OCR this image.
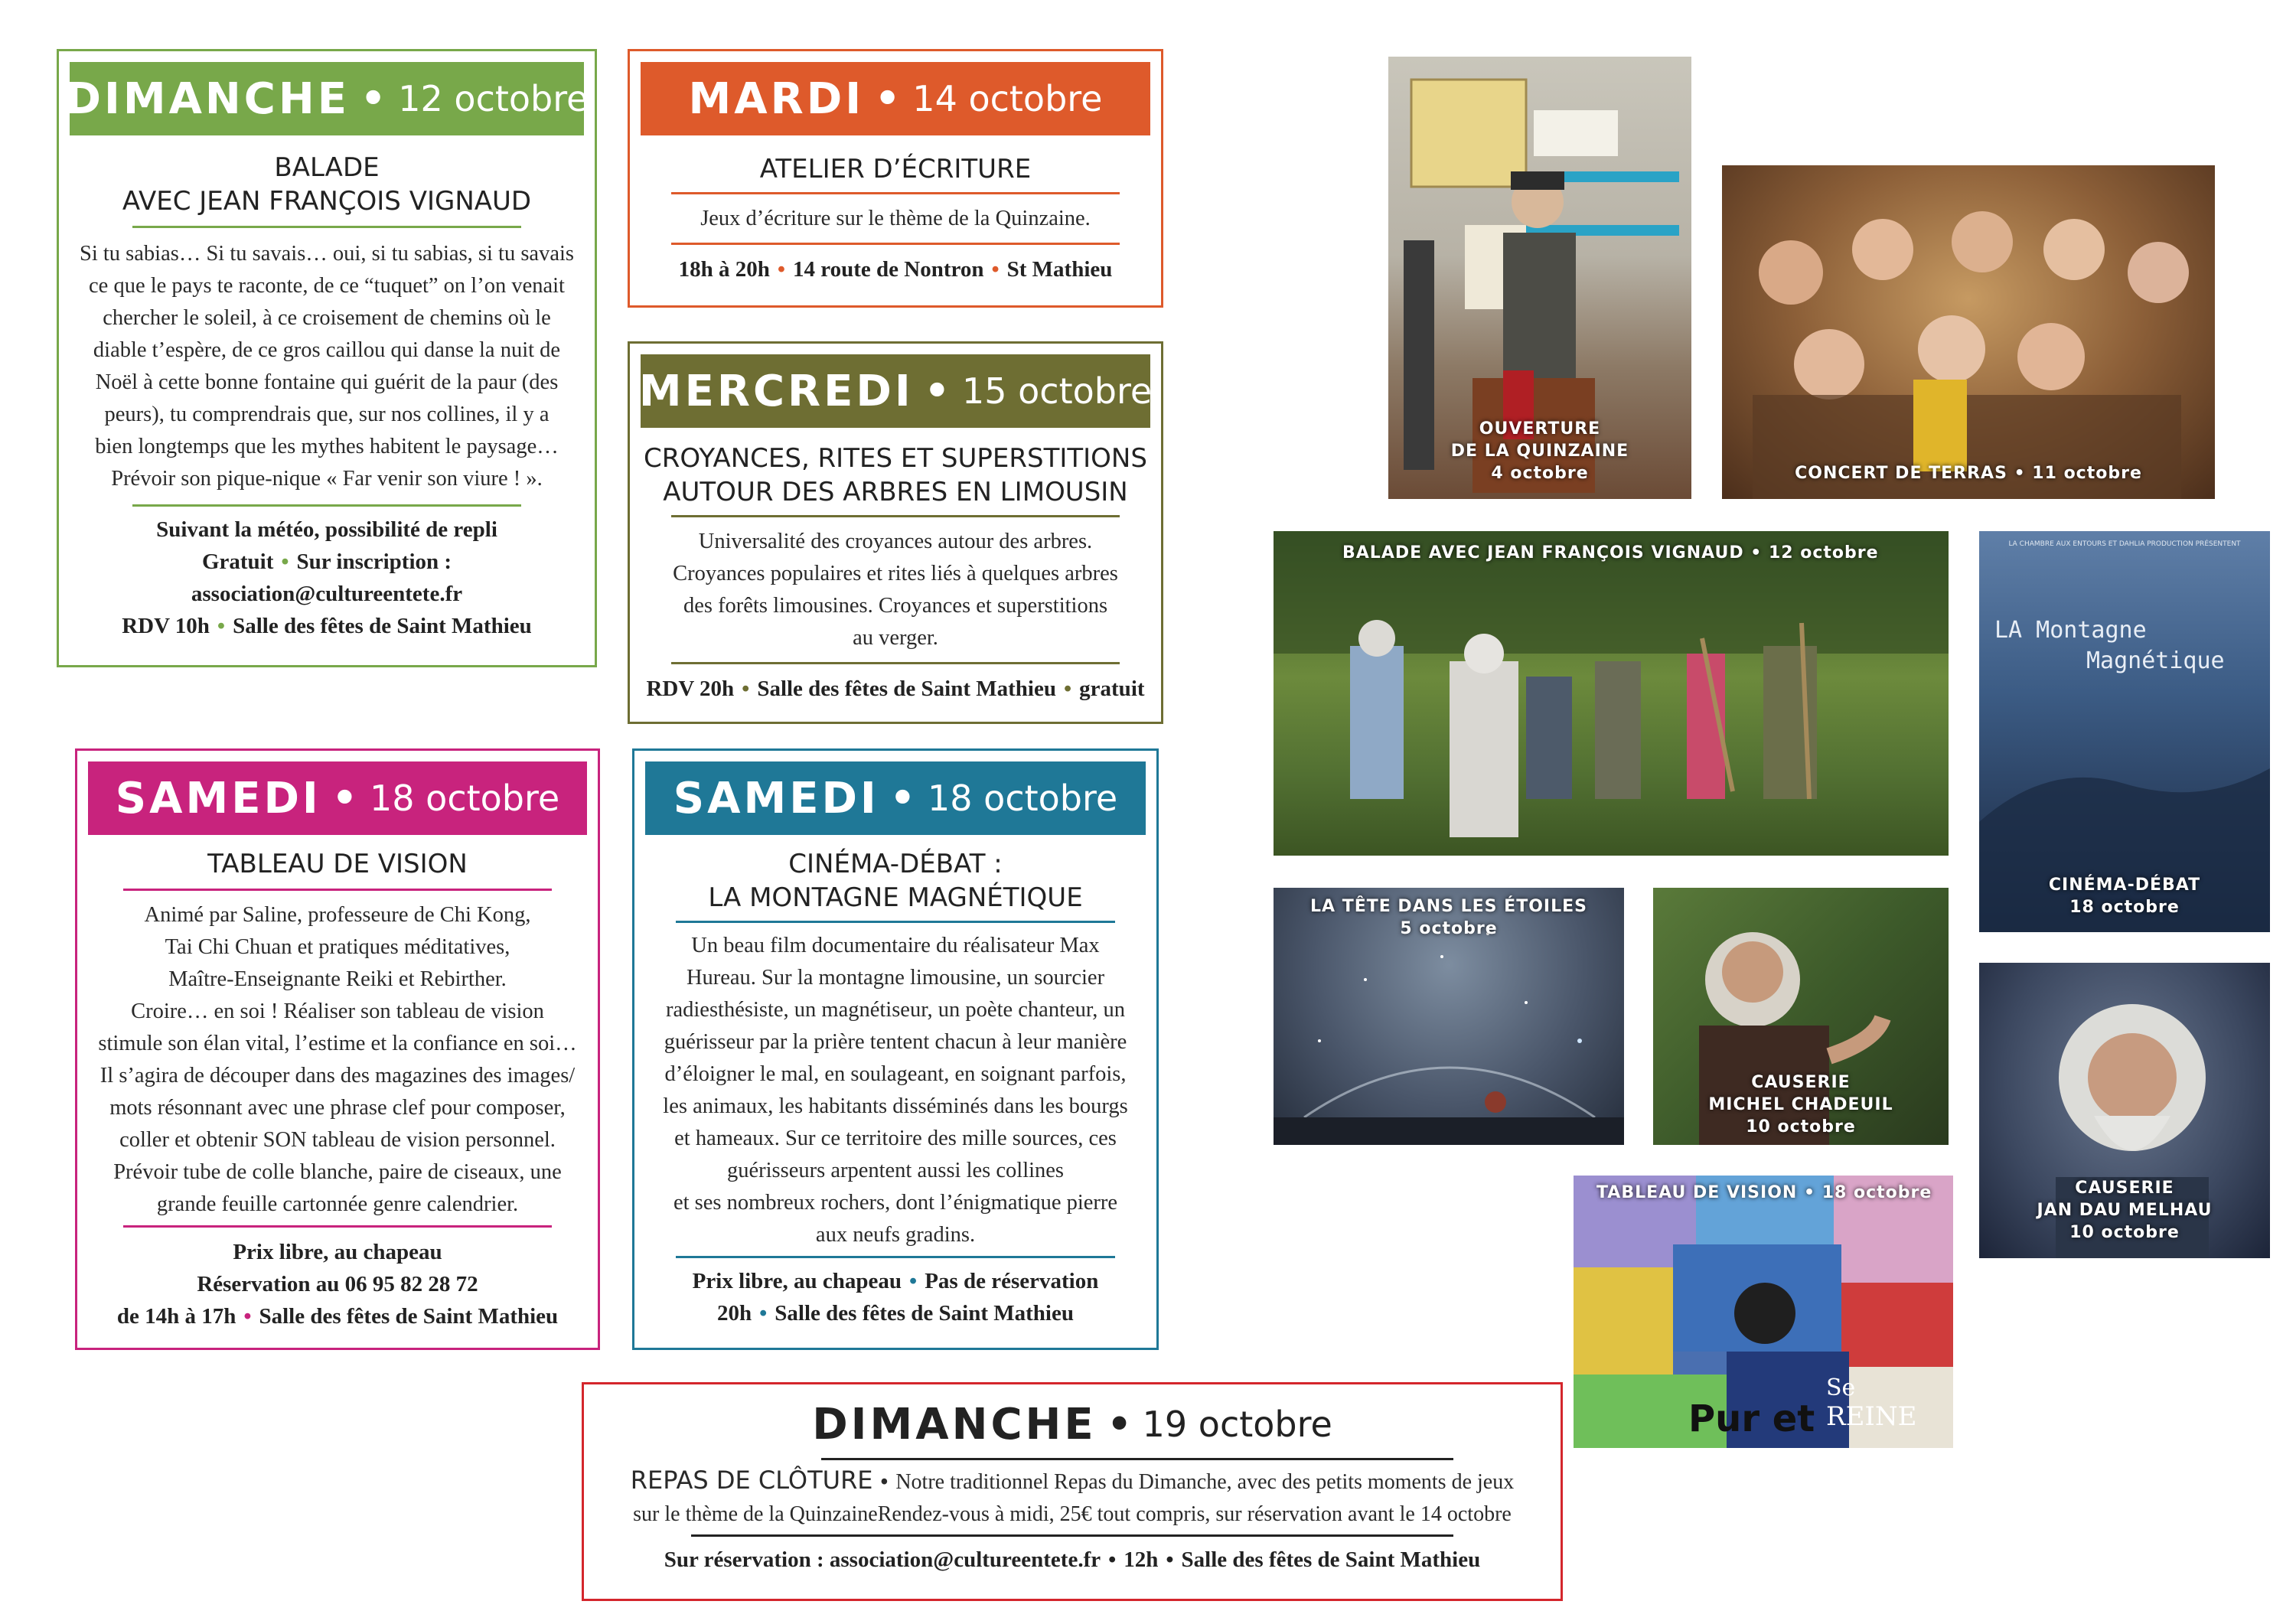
DIMANCHE • 12 octobre
BALADE
AVEC JEAN FRANÇOIS VIGNAUD
Si tu sabias… Si tu savais… oui, si tu sabias, si tu savais
ce que le pays te raconte, de ce “tuquet” on l’on venait
chercher le soleil, à ce croisement de chemins où le
diable t’espère, de ce gros caillou qui danse la nuit de
Noël à cette bonne fontaine qui guérit de la paur (des
peurs), tu comprendrais que, sur nos collines, il y a
bien longtemps que les mythes habitent le paysage…
Prévoir son pique-nique « Far venir son viure ! ».
Suivant la météo, possibilité de repli
Gratuit • Sur inscription :
association@cultureentete.fr
RDV 10h • Salle des fêtes de Saint Mathieu
MARDI • 14 octobre
ATELIER D’ÉCRITURE
Jeux d’écriture sur le thème de la Quinzaine.
18h à 20h • 14 route de Nontron • St Mathieu
MERCREDI • 15 octobre
CROYANCES, RITES ET SUPERSTITIONS
AUTOUR DES ARBRES EN LIMOUSIN
Universalité des croyances autour des arbres.
Croyances populaires et rites liés à quelques arbres
des forêts limousines. Croyances et superstitions
au verger.
RDV 20h • Salle des fêtes de Saint Mathieu • gratuit
SAMEDI • 18 octobre
TABLEAU DE VISION
Animé par Saline, professeure de Chi Kong,
Tai Chi Chuan et pratiques méditatives,
Maître-Enseignante Reiki et Rebirther.
Croire… en soi ! Réaliser son tableau de vision
stimule son élan vital, l’estime et la confiance en soi…
Il s’agira de découper dans des magazines des images/
mots résonnant avec une phrase clef pour composer,
coller et obtenir SON tableau de vision personnel.
Prévoir tube de colle blanche, paire de ciseaux, une
grande feuille cartonnée genre calendrier.
Prix libre, au chapeau
Réservation au 06 95 82 28 72
de 14h à 17h • Salle des fêtes de Saint Mathieu
SAMEDI • 18 octobre
CINÉMA-DÉBAT :
LA MONTAGNE MAGNÉTIQUE
Un beau film documentaire du réalisateur Max
Hureau. Sur la montagne limousine, un sourcier
radiesthésiste, un magnétiseur, un poète chanteur, un
guérisseur par la prière tentent chacun à leur manière
d’éloigner le mal, en soulageant, en soignant parfois,
les animaux, les habitants disséminés dans les bourgs
et hameaux. Sur ce territoire des mille sources, ces
guérisseurs arpentent aussi les collines
et ses nombreux rochers, dont l’énigmatique pierre
aux neufs gradins.
Prix libre, au chapeau • Pas de réservation
20h • Salle des fêtes de Saint Mathieu
DIMANCHE • 19 octobre
REPAS DE CLÔTURE • Notre traditionnel Repas du Dimanche, avec des petits moments de jeux
sur le thème de la QuinzaineRendez-vous à midi, 25€ tout compris, sur réservation avant le 14 octobre
Sur réservation : association@cultureentete.fr • 12h • Salle des fêtes de Saint Mathieu
OUVERTURE
DE LA QUINZAINE
4 octobre	CONCERT DE TERRAS • 11 octobre
BALADE AVEC JEAN FRANÇOIS VIGNAUD • 12 octobre	LA CHAMBRE AUX ENTOURS ET DAHLIA PRODUCTION PRÉSENTENT
LA Montagne
Magnétique
CINÉMA-DÉBAT
18 octobre
LA TÊTE DANS LES ÉTOILES
5 octobre
CAUSERIE
MICHEL CHADEUIL
10 octobre
TABLEAU DE VISION • 18 octobre
Pur et
Se REINE
CAUSERIE
JAN DAU MELHAU
10 octobre
